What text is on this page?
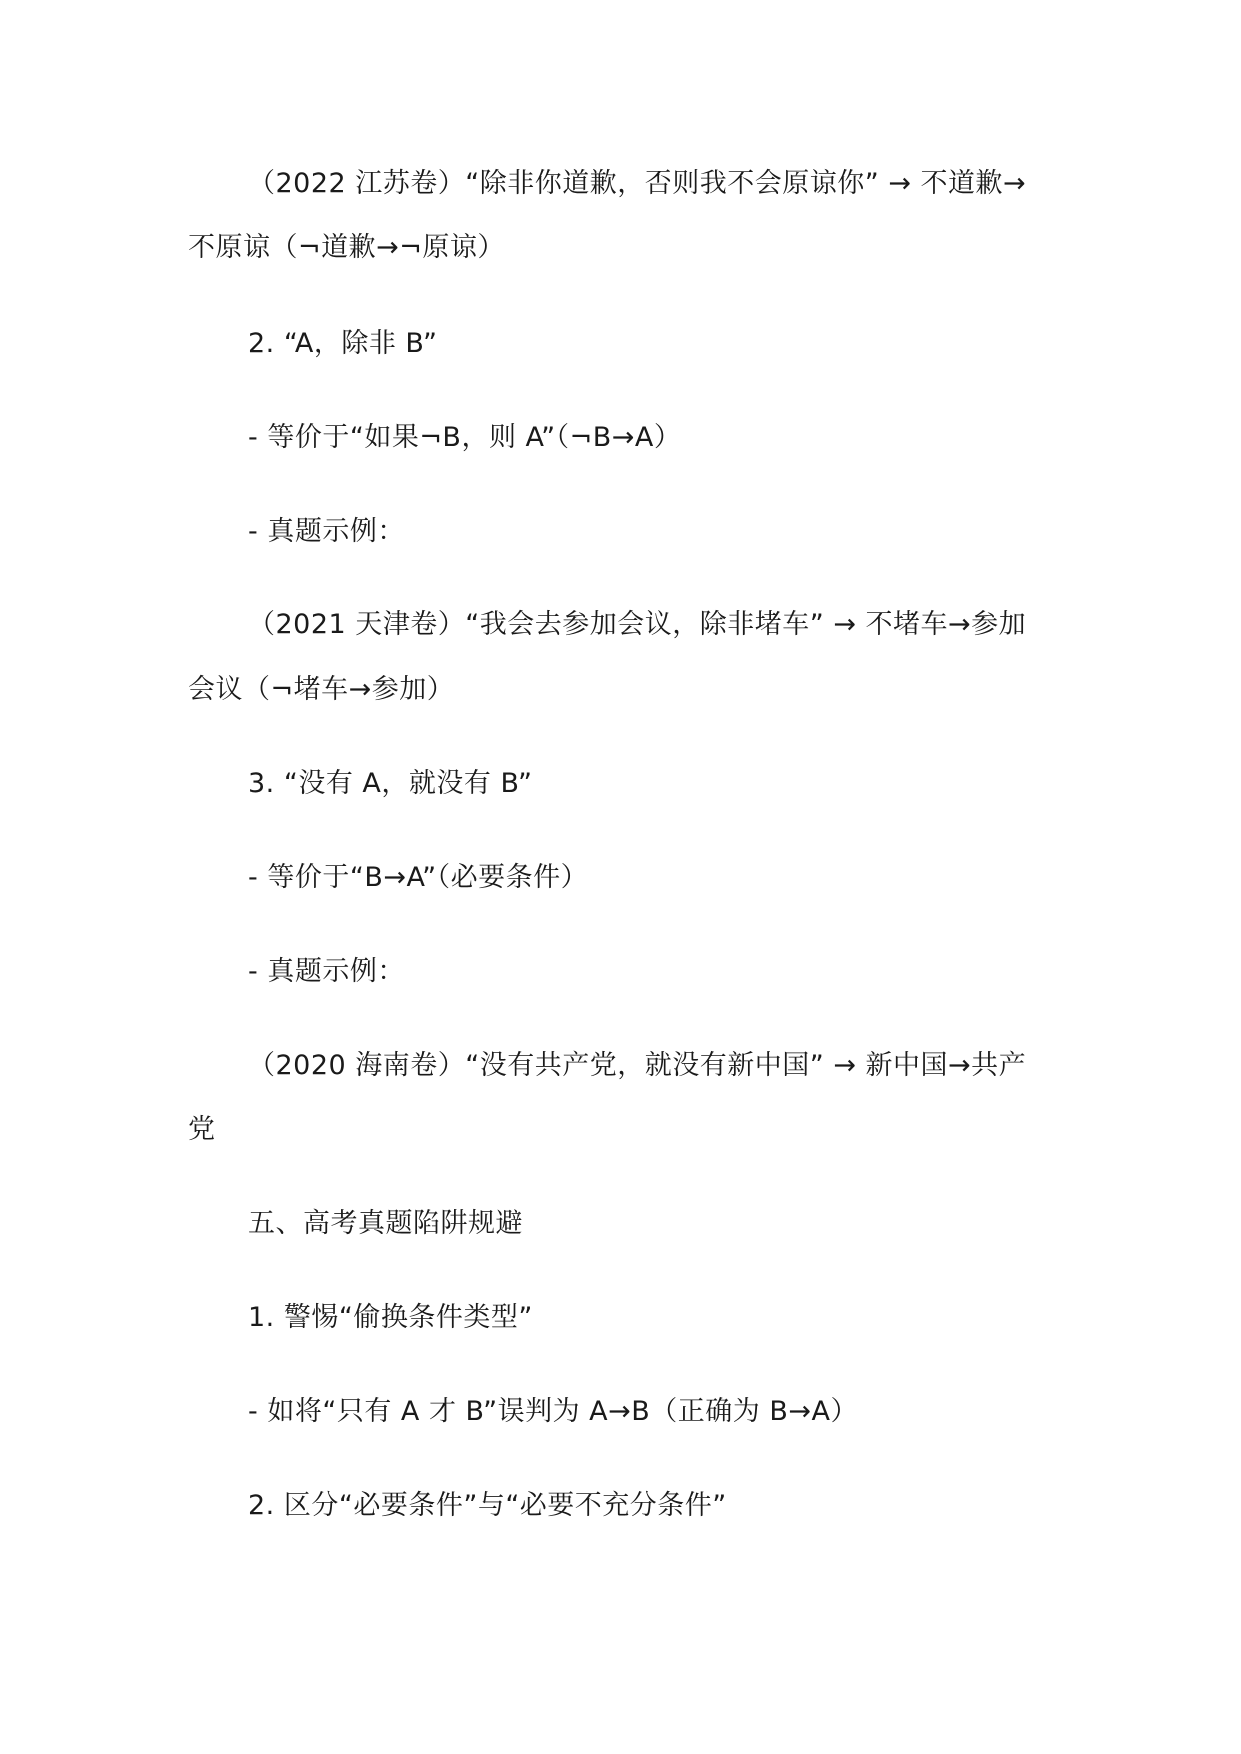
（2022 江苏卷）“除非你道歉，否则我不会原谅你” → 不道歉→
不原谅（¬道歉→¬原谅）
2. “A，除非 B”
- 等价于“如果¬B，则 A”（¬B→A）
- 真题示例：
（2021 天津卷）“我会去参加会议，除非堵车” → 不堵车→参加
会议（¬堵车→参加）
3. “没有 A，就没有 B”
- 等价于“B→A”（必要条件）
- 真题示例：
（2020 海南卷）“没有共产党，就没有新中国” → 新中国→共产
党
五、高考真题陷阱规避
1. 警惕“偷换条件类型”
- 如将“只有 A 才 B”误判为 A→B（正确为 B→A）
2. 区分“必要条件”与“必要不充分条件”
